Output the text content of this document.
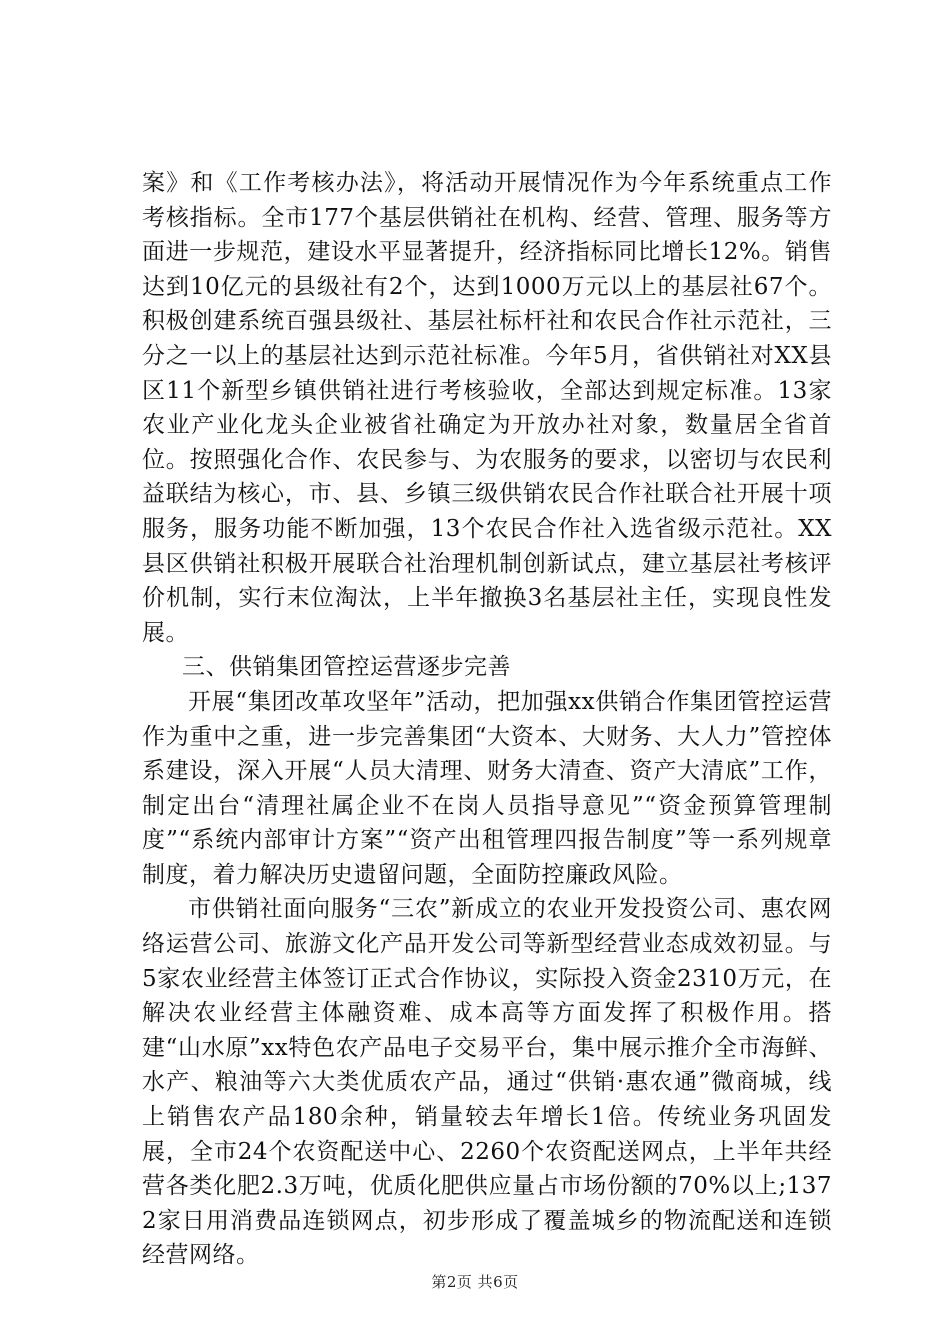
案》和《工作考核办法》，将活动开展情况作为今年系统重点工作考核指标。全市177个基层供销社在机构、经营、管理、服务等方面进一步规范，建设水平显著提升，经济指标同比增长12%。销售达到10亿元的县级社有2个，达到1000万元以上的基层社67个。积极创建系统百强县级社、基层社标杆社和农民合作社示范社，三分之一以上的基层社达到示范社标准。今年5月，省供销社对XX县区11个新型乡镇供销社进行考核验收，全部达到规定标准。13家农业产业化龙头企业被省社确定为开放办社对象，数量居全省首位。按照强化合作、农民参与、为农服务的要求，以密切与农民利益联结为核心，市、县、乡镇三级供销农民合作社联合社开展十项服务，服务功能不断加强，13个农民合作社入选省级示范社。XX县区供销社积极开展联合社治理机制创新试点，建立基层社考核评价机制，实行末位淘汰，上半年撤换3名基层社主任，实现良性发展。

三、供销集团管控运营逐步完善

开展“集团改革攻坚年”活动，把加强xx供销合作集团管控运营作为重中之重，进一步完善集团“大资本、大财务、大人力”管控体系建设，深入开展“人员大清理、财务大清查、资产大清底”工作，制定出台“清理社属企业不在岗人员指导意见”“资金预算管理制度”“系统内部审计方案”“资产出租管理四报告制度”等一系列规章制度，着力解决历史遗留问题，全面防控廉政风险。

市供销社面向服务“三农”新成立的农业开发投资公司、惠农网络运营公司、旅游文化产品开发公司等新型经营业态成效初显。与5家农业经营主体签订正式合作协议，实际投入资金2310万元，在解决农业经营主体融资难、成本高等方面发挥了积极作用。搭建“山水原”xx特色农产品电子交易平台，集中展示推介全市海鲜、水产、粮油等六大类优质农产品，通过“供销·惠农通”微商城，线上销售农产品180余种，销量较去年增长1倍。传统业务巩固发展，全市24个农资配送中心、2260个农资配送网点，上半年共经营各类化肥2.3万吨，优质化肥供应量占市场份额的70%以上;1372家日用消费品连锁网点，初步形成了覆盖城乡的物流配送和连锁经营网络。

第2页 共6页
